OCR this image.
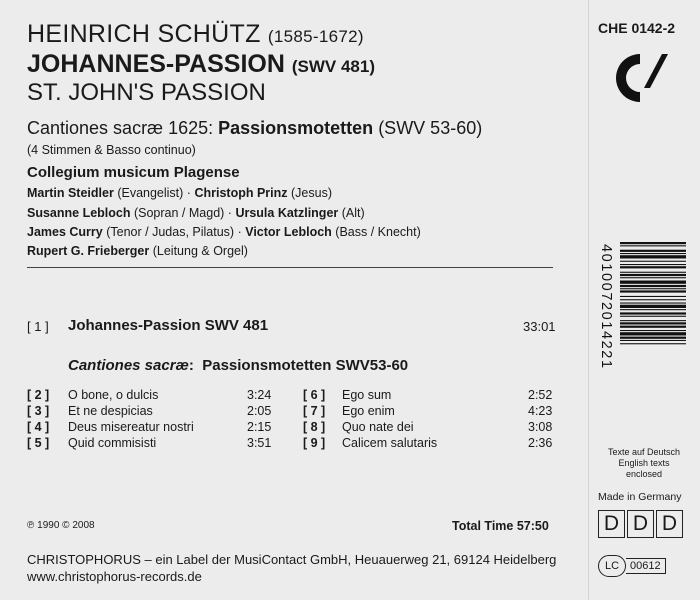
HEINRICH SCHÜTZ (1585-1672)
JOHANNES-PASSION (SWV 481)
ST. JOHN'S PASSION
Cantiones sacræ 1625: Passionsmotetten (SWV 53-60)
(4 Stimmen & Basso continuo)
Collegium musicum Plagense
Martin Steidler (Evangelist) · Christoph Prinz (Jesus)
Susanne Lebloch (Sopran / Magd) · Ursula Katzlinger (Alt)
James Curry (Tenor / Judas, Pilatus) · Victor Lebloch (Bass / Knecht)
Rupert G. Frieberger (Leitung & Orgel)
[ 1 ] Johannes-Passion SWV 481	33:01
Cantiones sacræ: Passionsmotetten SWV53-60
[ 2 ] O bone, o dulcis	3:24
[ 3 ] Et ne despicias	2:05
[ 4 ] Deus misereatur nostri	2:15
[ 5 ] Quid commisisti	3:51
[ 6 ] Ego sum	2:52
[ 7 ] Ego enim	4:23
[ 8 ] Quo nate dei	3:08
[ 9 ] Calicem salutaris	2:36
℗ 1990 © 2008	Total Time 57:50
CHRISTOPHORUS – ein Label der MusiContact GmbH, Heuauerweg 21, 69124 Heidelberg
www.christophorus-records.de
CHE 0142-2
4010072014221
Texte auf Deutsch
English texts
enclosed
Made in Germany
D D D
LC 00612
